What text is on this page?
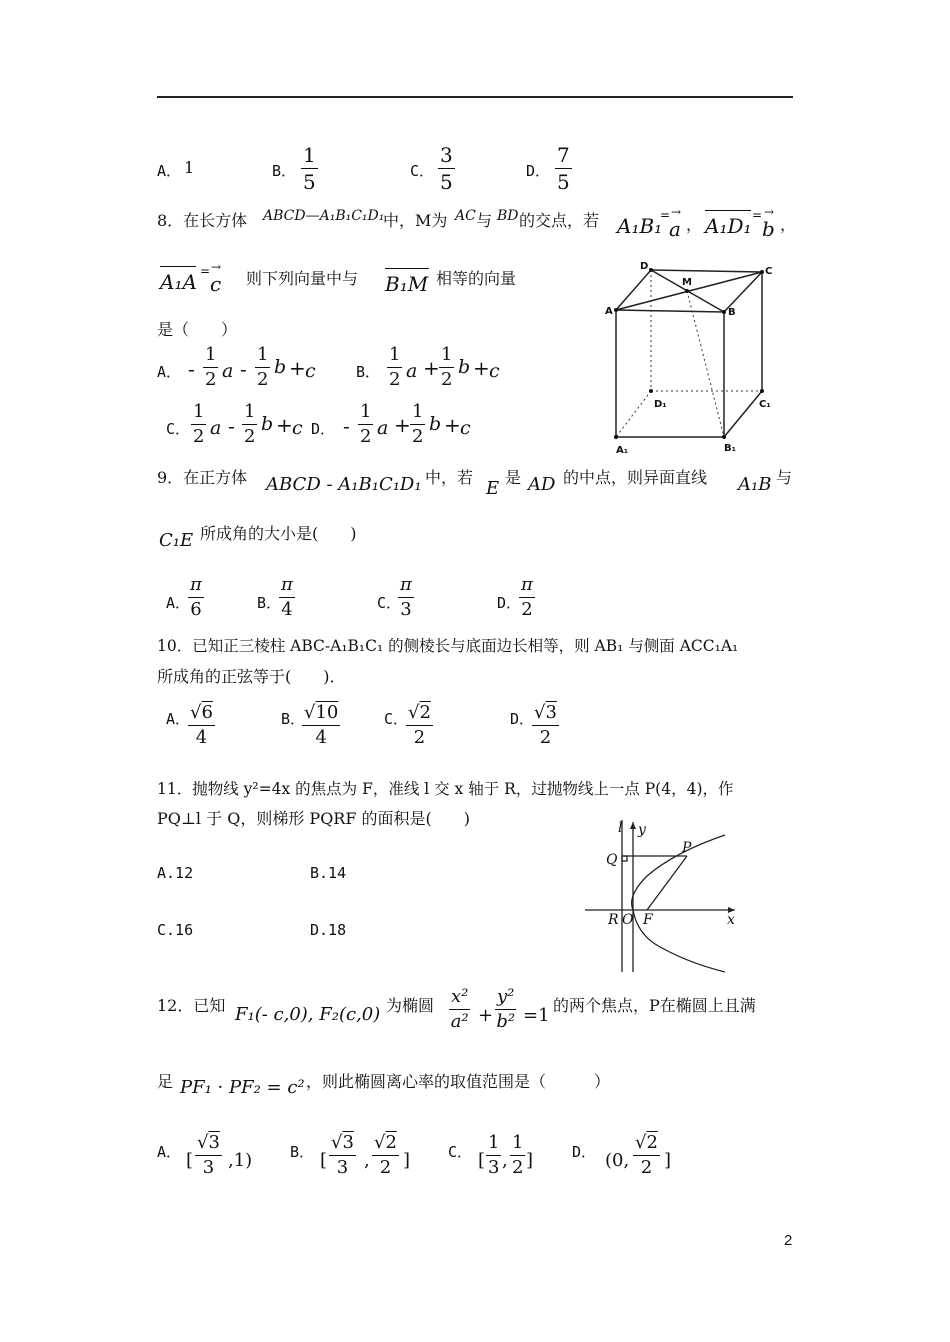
A． 1	B．
1
5	C．
3
5	D．
7
5
8．在长方体 ABCD—A₁B₁C₁D₁
中，M为 AC 与 BD 的交点，若 A₁B₁
= →
a ， A₁D₁ = →
b ，
A₁A = →
c 则下列向量中与 B₁M 相等的向量
是（　　）
A． -
1
2 a -
1
2
b + c	B．
1
2 a +
1
2
b + c
C．
1
2 a -
1
2
b + c D． -
1
2 a +
1
2
b + c
D
M
C
A	B
D₁	C₁
A₁	B₁
9．在正方体 ABCD - A₁B₁C₁D₁ 中，若
E
是 AD 的中点，则异面直线 A₁B 与
C₁E 所成角的大小是(　　)
A．
π
6	B．
π
4	C．
π
3	D．
π
2
10．已知正三棱柱 ABC-A₁B₁C₁ 的侧棱长与底面边长相等，则 AB₁ 与侧面 ACC₁A₁
所成角的正弦等于(　　)．
A． √6
4
B．
√10
4
C． √2
2
D． √3
2
11．抛物线 y²=4x 的焦点为 F，准线 l 交 x 轴于 R，过抛物线上一点 P(4，4)，作
PQ⊥l 于 Q，则梯形 PQRF 的面积是(　　)
A.12	B.14
C.16	D.18
l y
Q
P
R O F	x
12．已知 F₁(- c,0), F₂(c,0) 为椭圆 x²
a² +
y²
b² =1 的两个焦点，P在椭圆上且满
足 PF₁ · PF₂ = c² ，则此椭圆离心率的取值范围是（　　　）
A． [
√3
3 ,1)	B． [
√3
3 ,
√2
2 ]	C． [
1
3 ,
1
2 ]	D． (0,
√2
2 ]
2
